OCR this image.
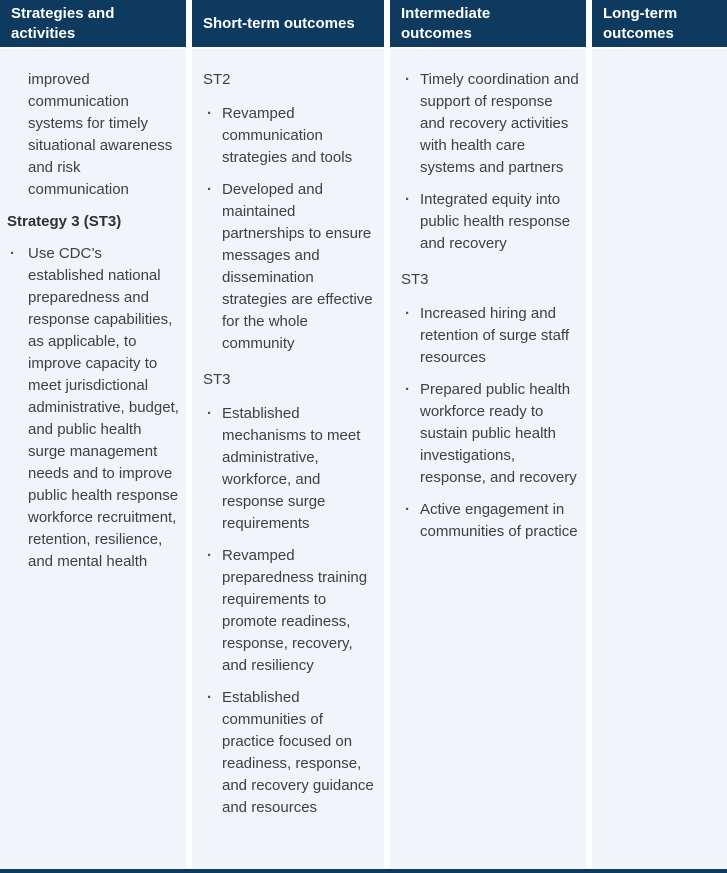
Strategies and activities
Short-term outcomes
Intermediate outcomes
Long-term outcomes
improved communication systems for timely situational awareness and risk communication
Strategy 3 (ST3)
· Use CDC’s established national preparedness and response capabilities, as applicable, to improve capacity to meet jurisdictional administrative, budget, and public health surge management needs and to improve public health response workforce recruitment, retention, resilience, and mental health
ST2
· Revamped communication strategies and tools
· Developed and maintained partnerships to ensure messages and dissemination strategies are effective for the whole community
ST3
· Established mechanisms to meet administrative, workforce, and response surge requirements
· Revamped preparedness training requirements to promote readiness, response, recovery, and resiliency
· Established communities of practice focused on readiness, response, and recovery guidance and resources
· Timely coordination and support of response and recovery activities with health care systems and partners
· Integrated equity into public health response and recovery
ST3
· Increased hiring and retention of surge staff resources
· Prepared public health workforce ready to sustain public health investigations, response, and recovery
· Active engagement in communities of practice
